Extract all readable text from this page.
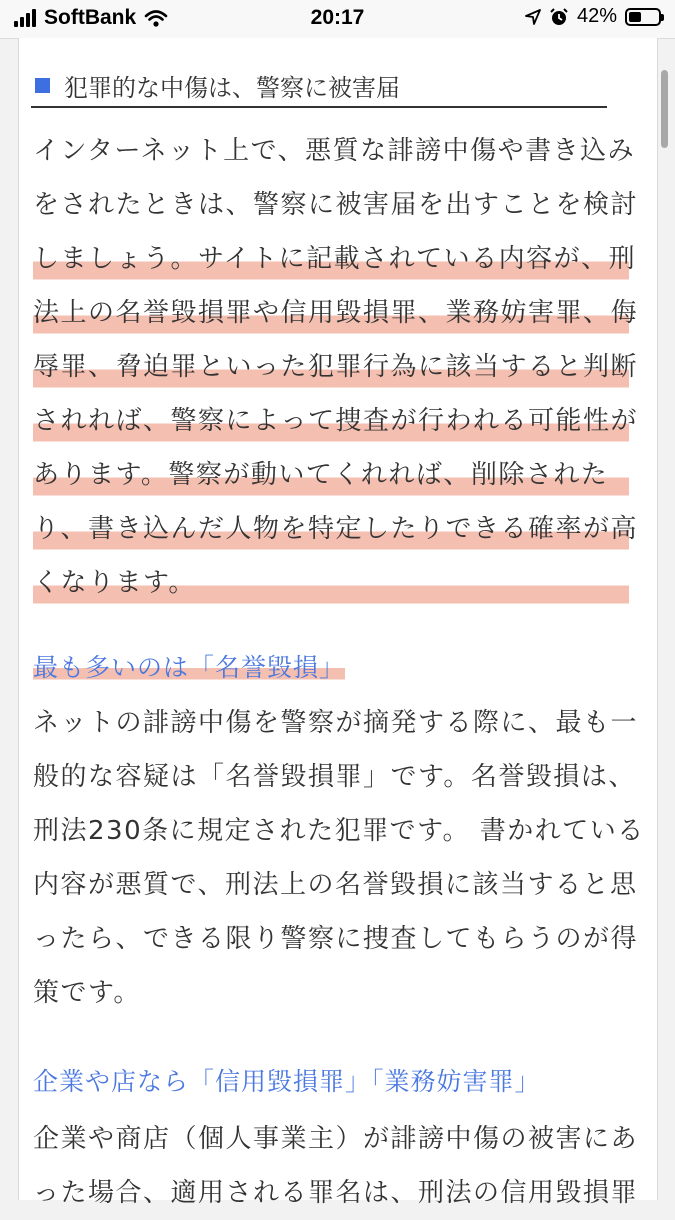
SoftBank	20:17	42%
犯罪的な中傷は、警察に被害届
インターネット上で、悪質な誹謗中傷や書き込み
をされたときは、警察に被害届を出すことを検討
しましょう。サイトに記載されている内容が、刑
法上の名誉毀損罪や信用毀損罪、業務妨害罪、侮
辱罪、脅迫罪といった犯罪行為に該当すると判断
されれば、警察によって捜査が行われる可能性が
あります。警察が動いてくれれば、削除された
り、書き込んだ人物を特定したりできる確率が高
くなります。
最も多いのは「名誉毀損」
ネットの誹謗中傷を警察が摘発する際に、最も一
般的な容疑は「名誉毀損罪」です。名誉毀損は、
刑法230条に規定された犯罪です。 書かれている
内容が悪質で、刑法上の名誉毀損に該当すると思
ったら、できる限り警察に捜査してもらうのが得
策です。
企業や店なら「信用毀損罪」「業務妨害罪」
企業や商店（個人事業主）が誹謗中傷の被害にあ
った場合、適用される罪名は、刑法の信用毀損罪
